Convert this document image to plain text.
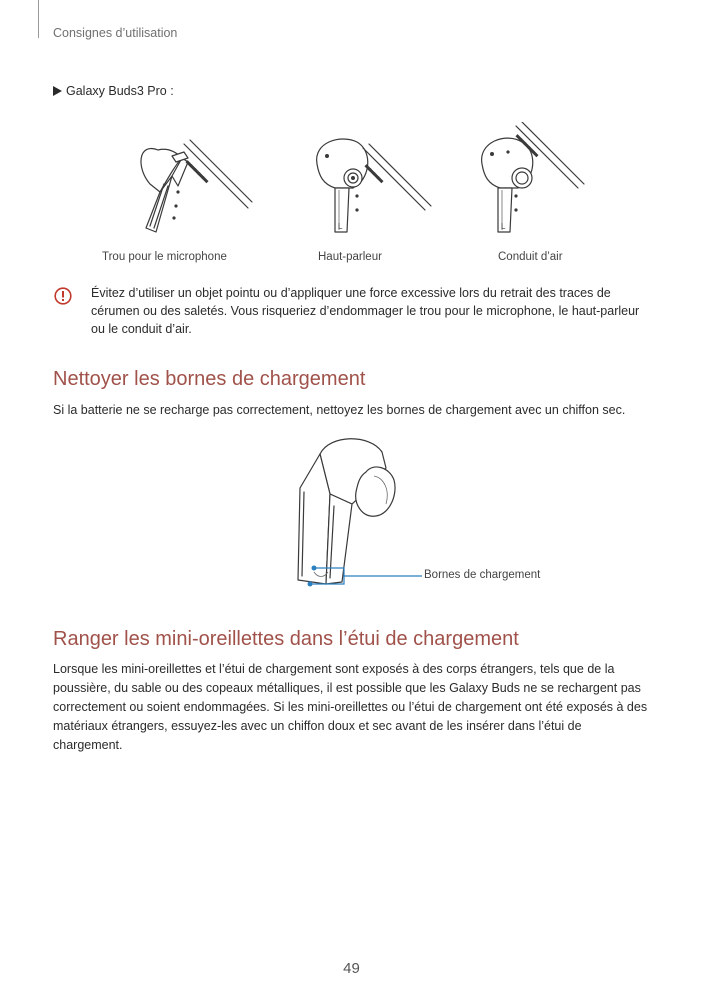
Consignes d’utilisation
Galaxy Buds3 Pro :
L	L
Trou pour le microphone	Haut-parleur	Conduit d’air
Évitez d’utiliser un objet pointu ou d’appliquer une force excessive lors du retrait des traces de cérumen ou des saletés. Vous risqueriez d’endommager le trou pour le microphone, le haut-parleur ou le conduit d’air.
Nettoyer les bornes de chargement

Si la batterie ne se recharge pas correctement, nettoyez les bornes de chargement avec un chiffon sec.

Bornes de chargement
Ranger les mini-oreillettes dans l’étui de chargement

Lorsque les mini-oreillettes et l’étui de chargement sont exposés à des corps étrangers, tels que de la poussière, du sable ou des copeaux métalliques, il est possible que les Galaxy Buds ne se rechargent pas correctement ou soient endommagées. Si les mini-oreillettes ou l’étui de chargement ont été exposés à des matériaux étrangers, essuyez-les avec un chiffon doux et sec avant de les insérer dans l’étui de chargement.

49
